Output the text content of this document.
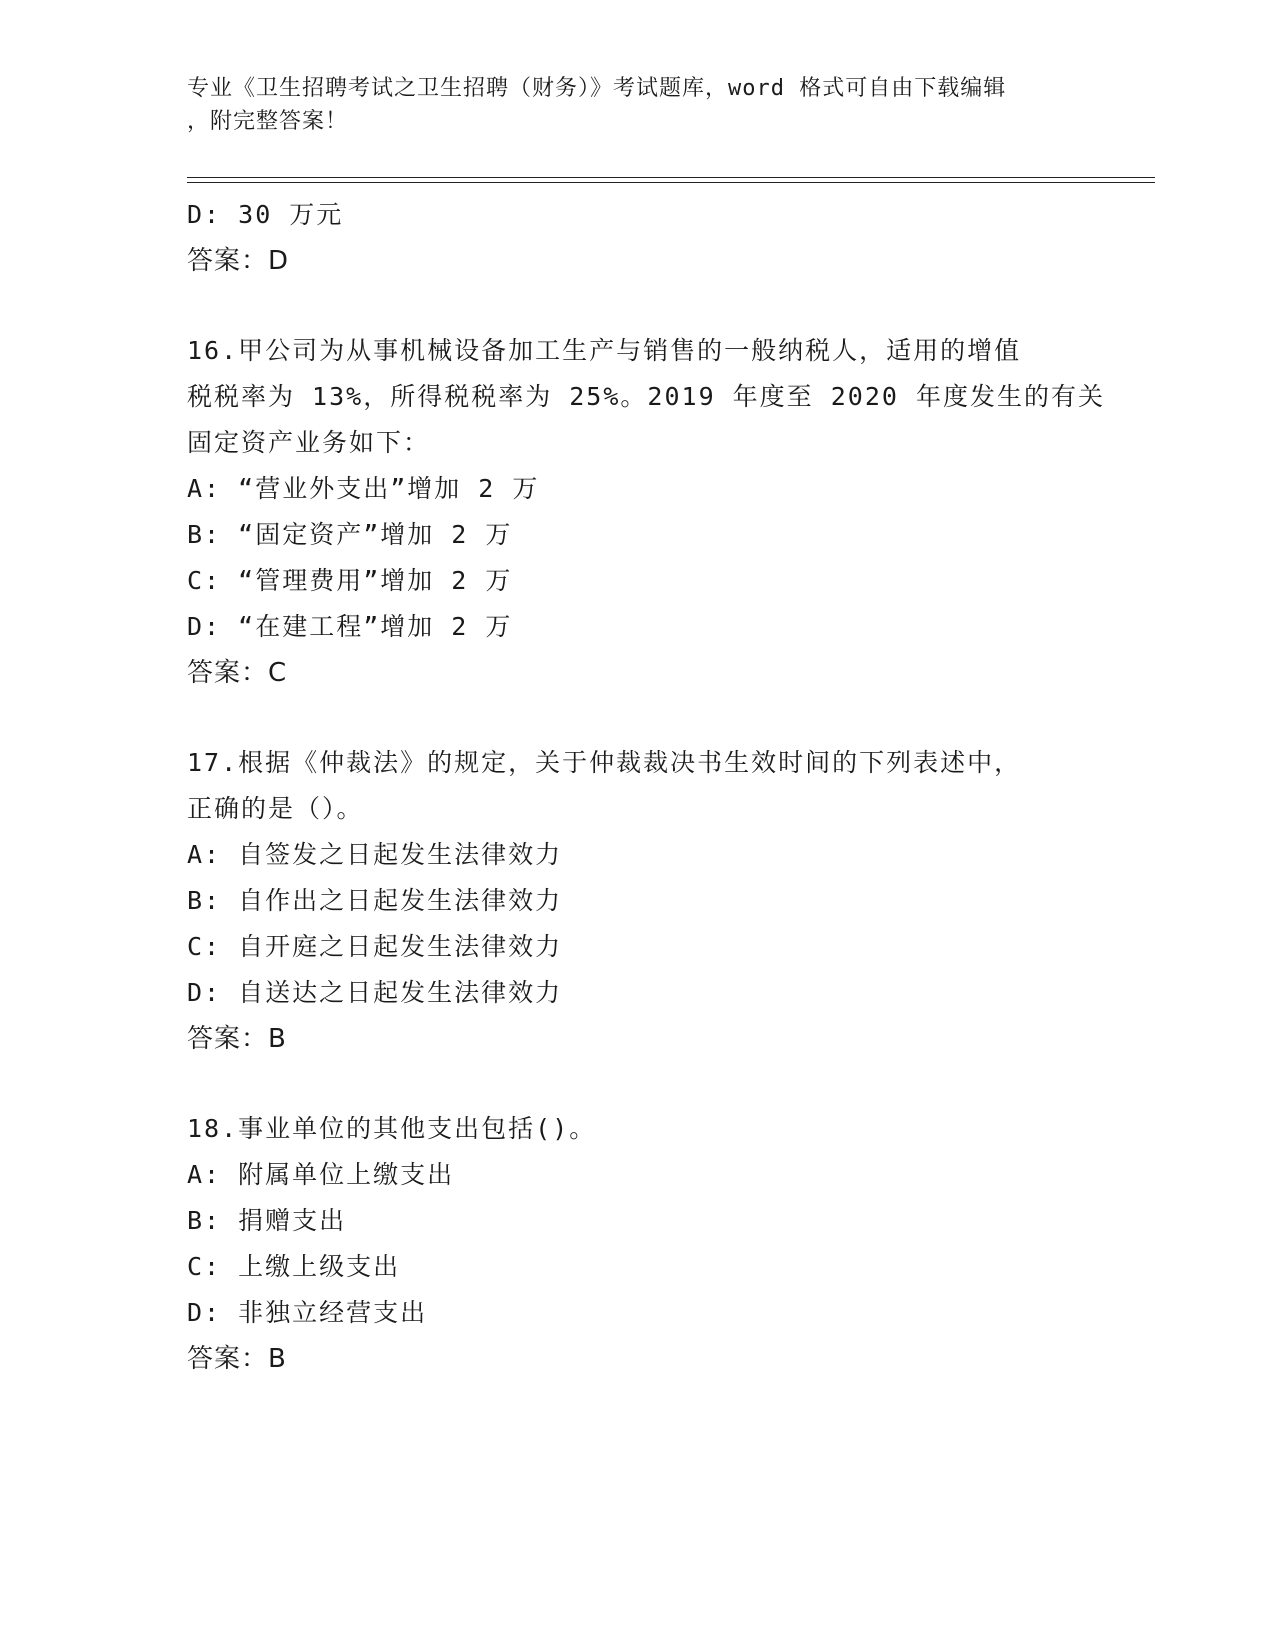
专业《卫生招聘考试之卫生招聘（财务）》考试题库，word 格式可自由下载编辑
，附完整答案！
D: 30 万元
答案：D
16.甲公司为从事机械设备加工生产与销售的一般纳税人，适用的增值
税税率为 13%，所得税税率为 25%。2019 年度至 2020 年度发生的有关
固定资产业务如下：
A: “营业外支出”增加 2 万
B: “固定资产”增加 2 万
C: “管理费用”增加 2 万
D: “在建工程”增加 2 万
答案：C
17.根据《仲裁法》的规定，关于仲裁裁决书生效时间的下列表述中，
正确的是（）。
A: 自签发之日起发生法律效力
B: 自作出之日起发生法律效力
C: 自开庭之日起发生法律效力
D: 自送达之日起发生法律效力
答案：B
18.事业单位的其他支出包括()。
A: 附属单位上缴支出
B: 捐赠支出
C: 上缴上级支出
D: 非独立经营支出
答案：B
